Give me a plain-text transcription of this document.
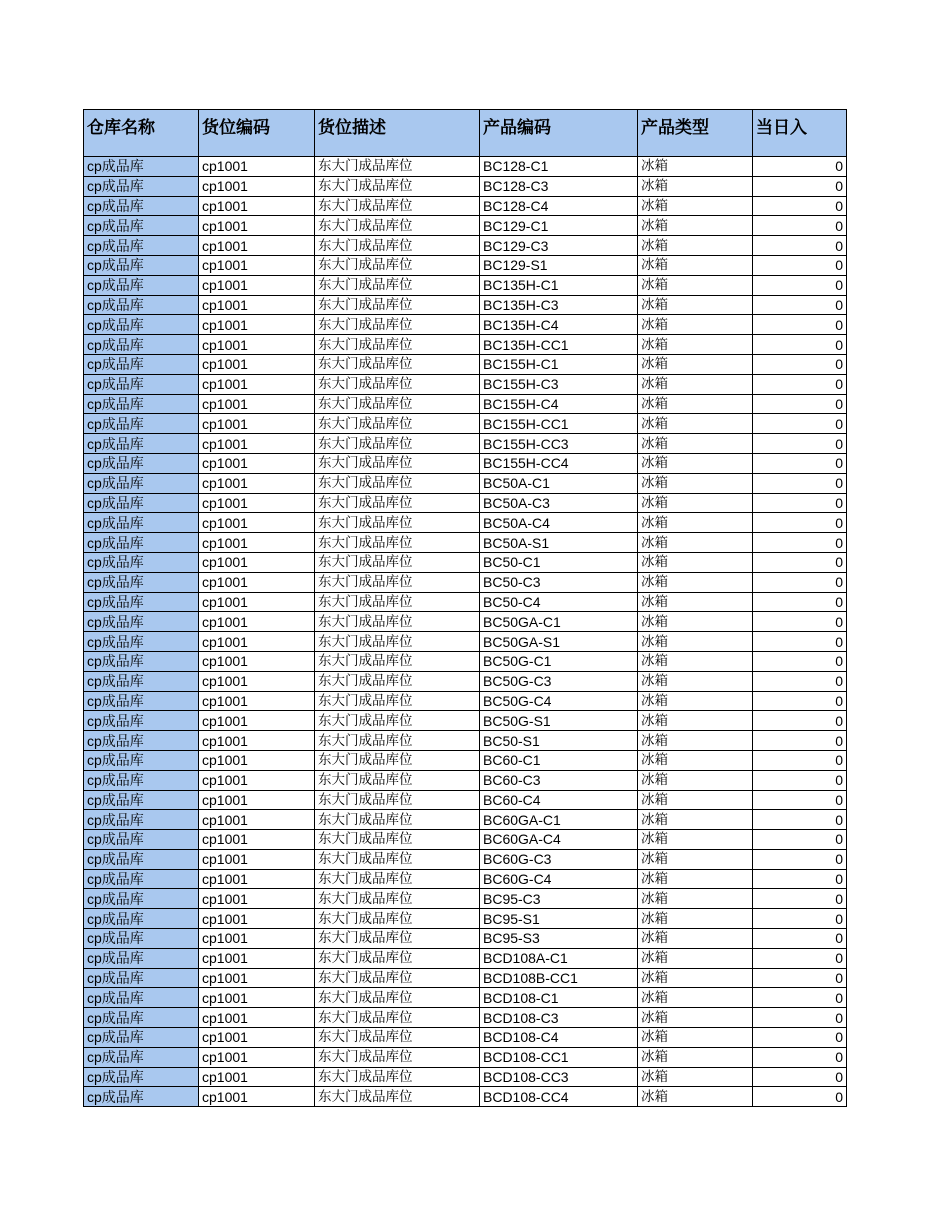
仓库名称	货位编码	货位描述	产品编码	产品类型	当日入
cp成品库	cp1001	东大门成品库位	BC128-C1	冰箱	0
cp成品库	cp1001	东大门成品库位	BC128-C3	冰箱	0
cp成品库	cp1001	东大门成品库位	BC128-C4	冰箱	0
cp成品库	cp1001	东大门成品库位	BC129-C1	冰箱	0
cp成品库	cp1001	东大门成品库位	BC129-C3	冰箱	0
cp成品库	cp1001	东大门成品库位	BC129-S1	冰箱	0
cp成品库	cp1001	东大门成品库位	BC135H-C1	冰箱	0
cp成品库	cp1001	东大门成品库位	BC135H-C3	冰箱	0
cp成品库	cp1001	东大门成品库位	BC135H-C4	冰箱	0
cp成品库	cp1001	东大门成品库位	BC135H-CC1	冰箱	0
cp成品库	cp1001	东大门成品库位	BC155H-C1	冰箱	0
cp成品库	cp1001	东大门成品库位	BC155H-C3	冰箱	0
cp成品库	cp1001	东大门成品库位	BC155H-C4	冰箱	0
cp成品库	cp1001	东大门成品库位	BC155H-CC1	冰箱	0
cp成品库	cp1001	东大门成品库位	BC155H-CC3	冰箱	0
cp成品库	cp1001	东大门成品库位	BC155H-CC4	冰箱	0
cp成品库	cp1001	东大门成品库位	BC50A-C1	冰箱	0
cp成品库	cp1001	东大门成品库位	BC50A-C3	冰箱	0
cp成品库	cp1001	东大门成品库位	BC50A-C4	冰箱	0
cp成品库	cp1001	东大门成品库位	BC50A-S1	冰箱	0
cp成品库	cp1001	东大门成品库位	BC50-C1	冰箱	0
cp成品库	cp1001	东大门成品库位	BC50-C3	冰箱	0
cp成品库	cp1001	东大门成品库位	BC50-C4	冰箱	0
cp成品库	cp1001	东大门成品库位	BC50GA-C1	冰箱	0
cp成品库	cp1001	东大门成品库位	BC50GA-S1	冰箱	0
cp成品库	cp1001	东大门成品库位	BC50G-C1	冰箱	0
cp成品库	cp1001	东大门成品库位	BC50G-C3	冰箱	0
cp成品库	cp1001	东大门成品库位	BC50G-C4	冰箱	0
cp成品库	cp1001	东大门成品库位	BC50G-S1	冰箱	0
cp成品库	cp1001	东大门成品库位	BC50-S1	冰箱	0
cp成品库	cp1001	东大门成品库位	BC60-C1	冰箱	0
cp成品库	cp1001	东大门成品库位	BC60-C3	冰箱	0
cp成品库	cp1001	东大门成品库位	BC60-C4	冰箱	0
cp成品库	cp1001	东大门成品库位	BC60GA-C1	冰箱	0
cp成品库	cp1001	东大门成品库位	BC60GA-C4	冰箱	0
cp成品库	cp1001	东大门成品库位	BC60G-C3	冰箱	0
cp成品库	cp1001	东大门成品库位	BC60G-C4	冰箱	0
cp成品库	cp1001	东大门成品库位	BC95-C3	冰箱	0
cp成品库	cp1001	东大门成品库位	BC95-S1	冰箱	0
cp成品库	cp1001	东大门成品库位	BC95-S3	冰箱	0
cp成品库	cp1001	东大门成品库位	BCD108A-C1	冰箱	0
cp成品库	cp1001	东大门成品库位	BCD108B-CC1	冰箱	0
cp成品库	cp1001	东大门成品库位	BCD108-C1	冰箱	0
cp成品库	cp1001	东大门成品库位	BCD108-C3	冰箱	0
cp成品库	cp1001	东大门成品库位	BCD108-C4	冰箱	0
cp成品库	cp1001	东大门成品库位	BCD108-CC1	冰箱	0
cp成品库	cp1001	东大门成品库位	BCD108-CC3	冰箱	0
cp成品库	cp1001	东大门成品库位	BCD108-CC4	冰箱	0
